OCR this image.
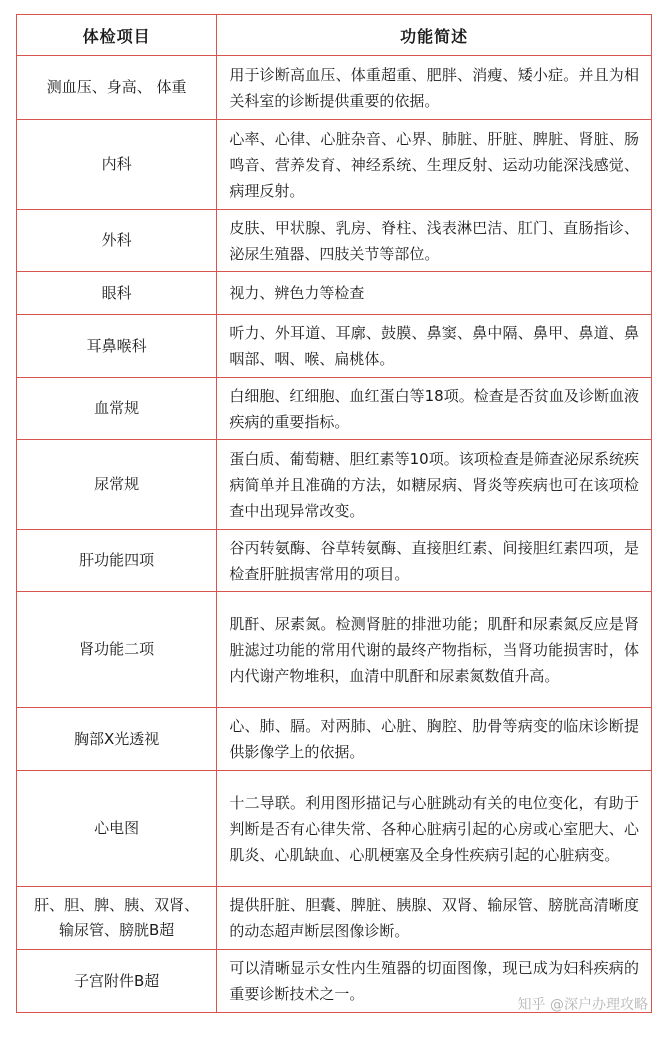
体检项目	功能简述
测血压、身高、 体重	用于诊断高血压、体重超重、肥胖、消瘦、矮小症。并且为相关科室的诊断提供重要的依据。
内科	心率、心律、心脏杂音、心界、肺脏、肝脏、脾脏、肾脏、肠鸣音、营养发育、神经系统、生理反射、运动功能深浅感觉、病理反射。
外科	皮肤、甲状腺、乳房、脊柱、浅表淋巴洁、肛门、直肠指诊、泌尿生殖器、四肢关节等部位。
眼科	视力、辨色力等检查
耳鼻喉科	听力、外耳道、耳廓、鼓膜、鼻窦、鼻中隔、鼻甲、鼻道、鼻咽部、咽、喉、扁桃体。
血常规	白细胞、红细胞、血红蛋白等18项。检查是否贫血及诊断血液疾病的重要指标。
尿常规	蛋白质、葡萄糖、胆红素等10项。该项检查是筛查泌尿系统疾病简单并且准确的方法，如糖尿病、肾炎等疾病也可在该项检查中出现异常改变。
肝功能四项	谷丙转氨酶、谷草转氨酶、直接胆红素、间接胆红素四项，是检查肝脏损害常用的项目。
肾功能二项	肌酐、尿素氮。检测肾脏的排泄功能；肌酐和尿素氮反应是肾脏滤过功能的常用代谢的最终产物指标，当肾功能损害时，体内代谢产物堆积，血清中肌酐和尿素氮数值升高。
胸部X光透视	心、肺、膈。对两肺、心脏、胸腔、肋骨等病变的临床诊断提供影像学上的依据。
心电图	十二导联。利用图形描记与心脏跳动有关的电位变化，有助于判断是否有心律失常、各种心脏病引起的心房或心室肥大、心肌炎、心肌缺血、心肌梗塞及全身性疾病引起的心脏病变。
肝、胆、脾、胰、双肾、输尿管、膀胱B超	提供肝脏、胆囊、脾脏、胰腺、双肾、输尿管、膀胱高清晰度的动态超声断层图像诊断。
子宫附件B超	可以清晰显示女性内生殖器的切面图像，现已成为妇科疾病的重要诊断技术之一。
知乎 @深户办理攻略
